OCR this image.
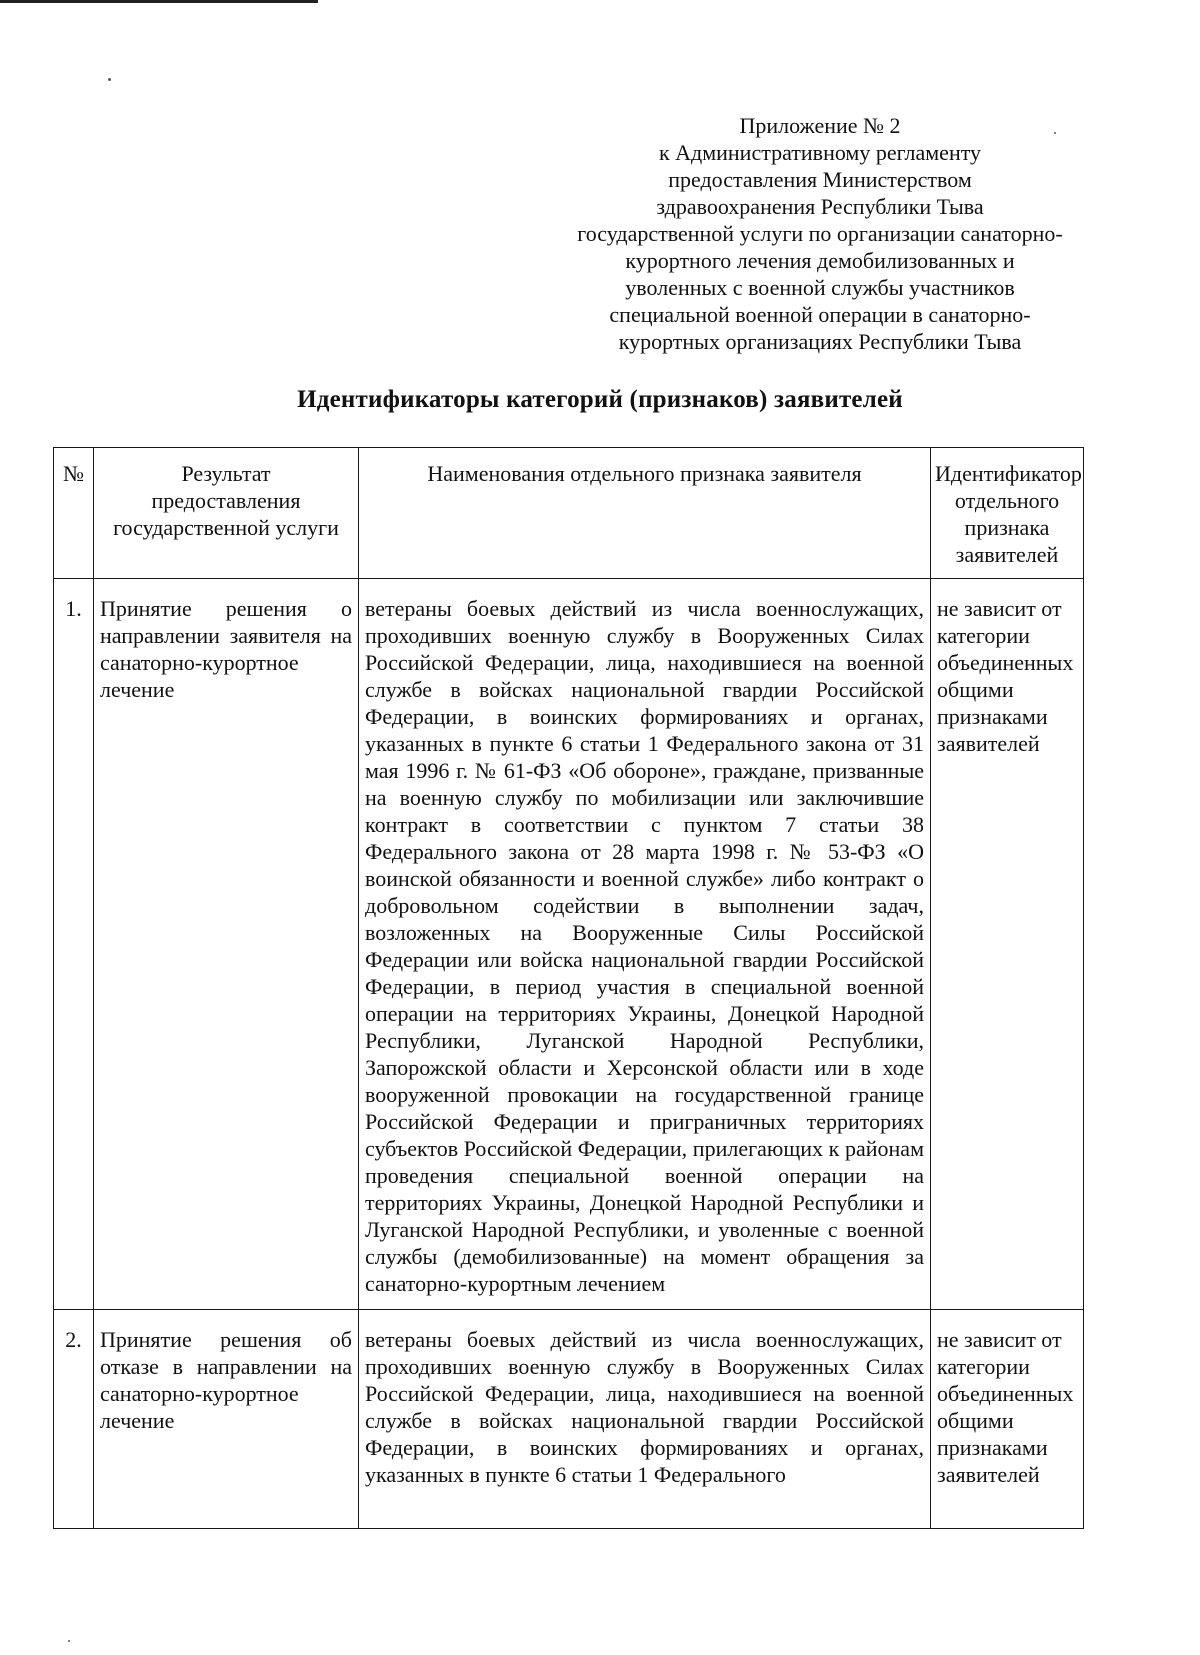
Приложение № 2
к Административному регламенту
предоставления Министерством
здравоохранения Республики Тыва
государственной услуги по организации санаторно-
курортного лечения демобилизованных и
уволенных с военной службы участников
специальной военной операции в санаторно-
курортных организациях Республики Тыва
Идентификаторы категорий (признаков) заявителей
№	Результат предоставления государственной услуги	Наименования отдельного признака заявителя	Идентификатор отдельного признака заявителей
1.	Принятие решения о направлении заявителя на санаторно-курортное лечение	ветераны боевых действий из числа военнослужащих, проходивших военную службу в Вооруженных Силах Российской Федерации, лица, находившиеся на военной службе в войсках национальной гвардии Российской Федерации, в воинских формированиях и органах, указанных в пункте 6 статьи 1 Федерального закона от 31 мая 1996 г. № 61-ФЗ «Об обороне», граждане, призванные на военную службу по мобилизации или заключившие контракт в соответствии с пунктом 7 статьи 38 Федерального закона от 28 марта 1998 г. № 53-ФЗ «О воинской обязанности и военной службе» либо контракт о добровольном содействии в выполнении задач, возложенных на Вооруженные Силы Российской Федерации или войска национальной гвардии Российской Федерации, в период участия в специальной военной операции на территориях Украины, Донецкой Народной Республики, Луганской Народной Республики, Запорожской области и Херсонской области или в ходе вооруженной провокации на государственной границе Российской Федерации и приграничных территориях субъектов Российской Федерации, прилегающих к районам проведения специальной военной операции на территориях Украины, Донецкой Народной Республики и Луганской Народной Республики, и уволенные с военной службы (демобилизованные) на момент обращения за санаторно-курортным лечением	не зависит от категории объединенных общими признаками заявителей
2.	Принятие решения об отказе в направлении на санаторно-курортное лечение	ветераны боевых действий из числа военнослужащих, проходивших военную службу в Вооруженных Силах Российской Федерации, лица, находившиеся на военной службе в войсках национальной гвардии Российской Федерации, в воинских формированиях и органах, указанных в пункте 6 статьи 1 Федерального	не зависит от категории объединенных общими признаками заявителей
